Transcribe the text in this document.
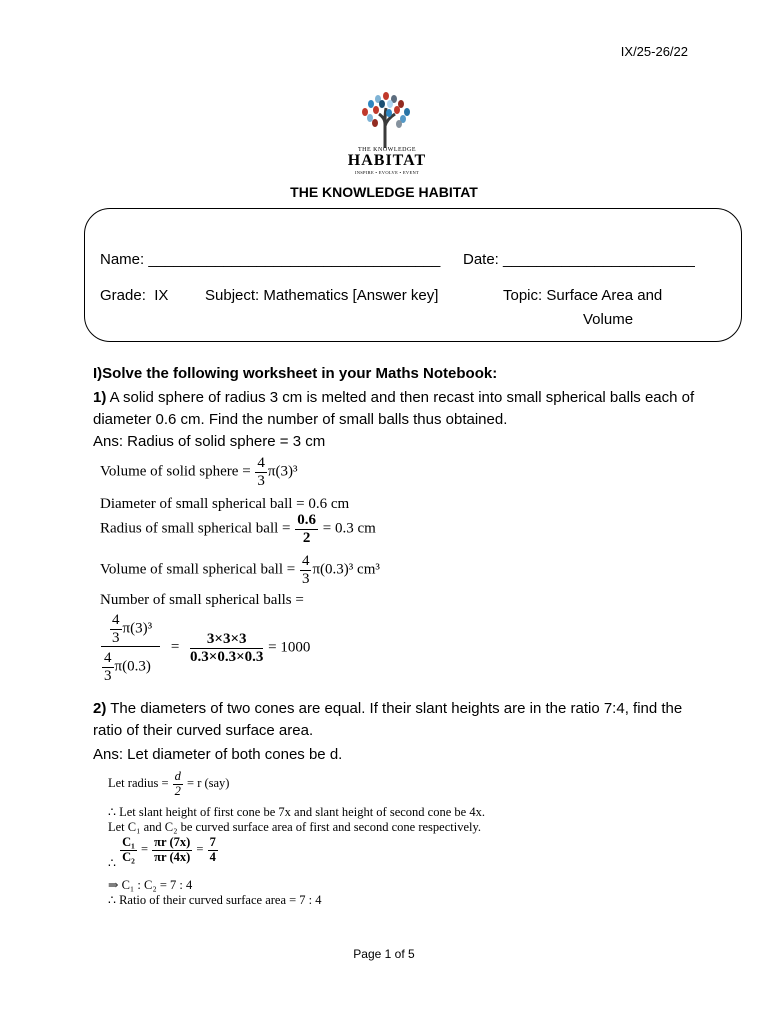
IX/25-26/22
THE KNOWLEDGE
HABITAT
INSPIRE • EVOLVE • EVENT
THE KNOWLEDGE HABITAT
Name: ___________________________________ Date: _______________________
Grade:  IX Subject: Mathematics [Answer key]	Topic: Surface Area and
Volume
I)Solve the following worksheet in your Maths Notebook:
1) A solid sphere of radius 3 cm is melted and then recast into small spherical balls each of diameter 0.6 cm. Find the number of small balls thus obtained.
Ans: Radius of solid sphere = 3 cm
Volume of solid sphere = $\frac{4}{3} \pi(3)^3$
Diameter of small spherical ball = 0.6 cm
Radius of small spherical ball = $\frac{0.6}{2} = 0.3$ cm
Volume of small spherical ball = $\frac{4}{3} \pi(0.3)^3$ cm³
Number of small spherical balls =
$\frac{\frac{4}{3} \pi(3)^3}{\frac{4}{3} \pi(0.3)} = \frac{3\times 3\times 3}{0.3\times 0.3\times 0.3} = 1000$
2) The diameters of two cones are equal. If their slant heights are in the ratio 7:4, find the ratio of their curved surface area.
Ans: Let diameter of both cones be d.
Let radius = $\frac{d}{2} = r$ (say)
∴ Let slant height of first cone be 7x and slant height of second cone be 4x.
Let C₁ and C₂ be curved surface area of first and second cone respectively.
∴ $\frac{\text{C₁}}{\text{C₂}} = \frac{\pi r (7x)}{\pi r (4x)} = \frac{7}{4}$
⇒ C₁ : C₂ = 7 : 4
∴ Ratio of their curved surface area = 7 : 4
Page 1 of 5
